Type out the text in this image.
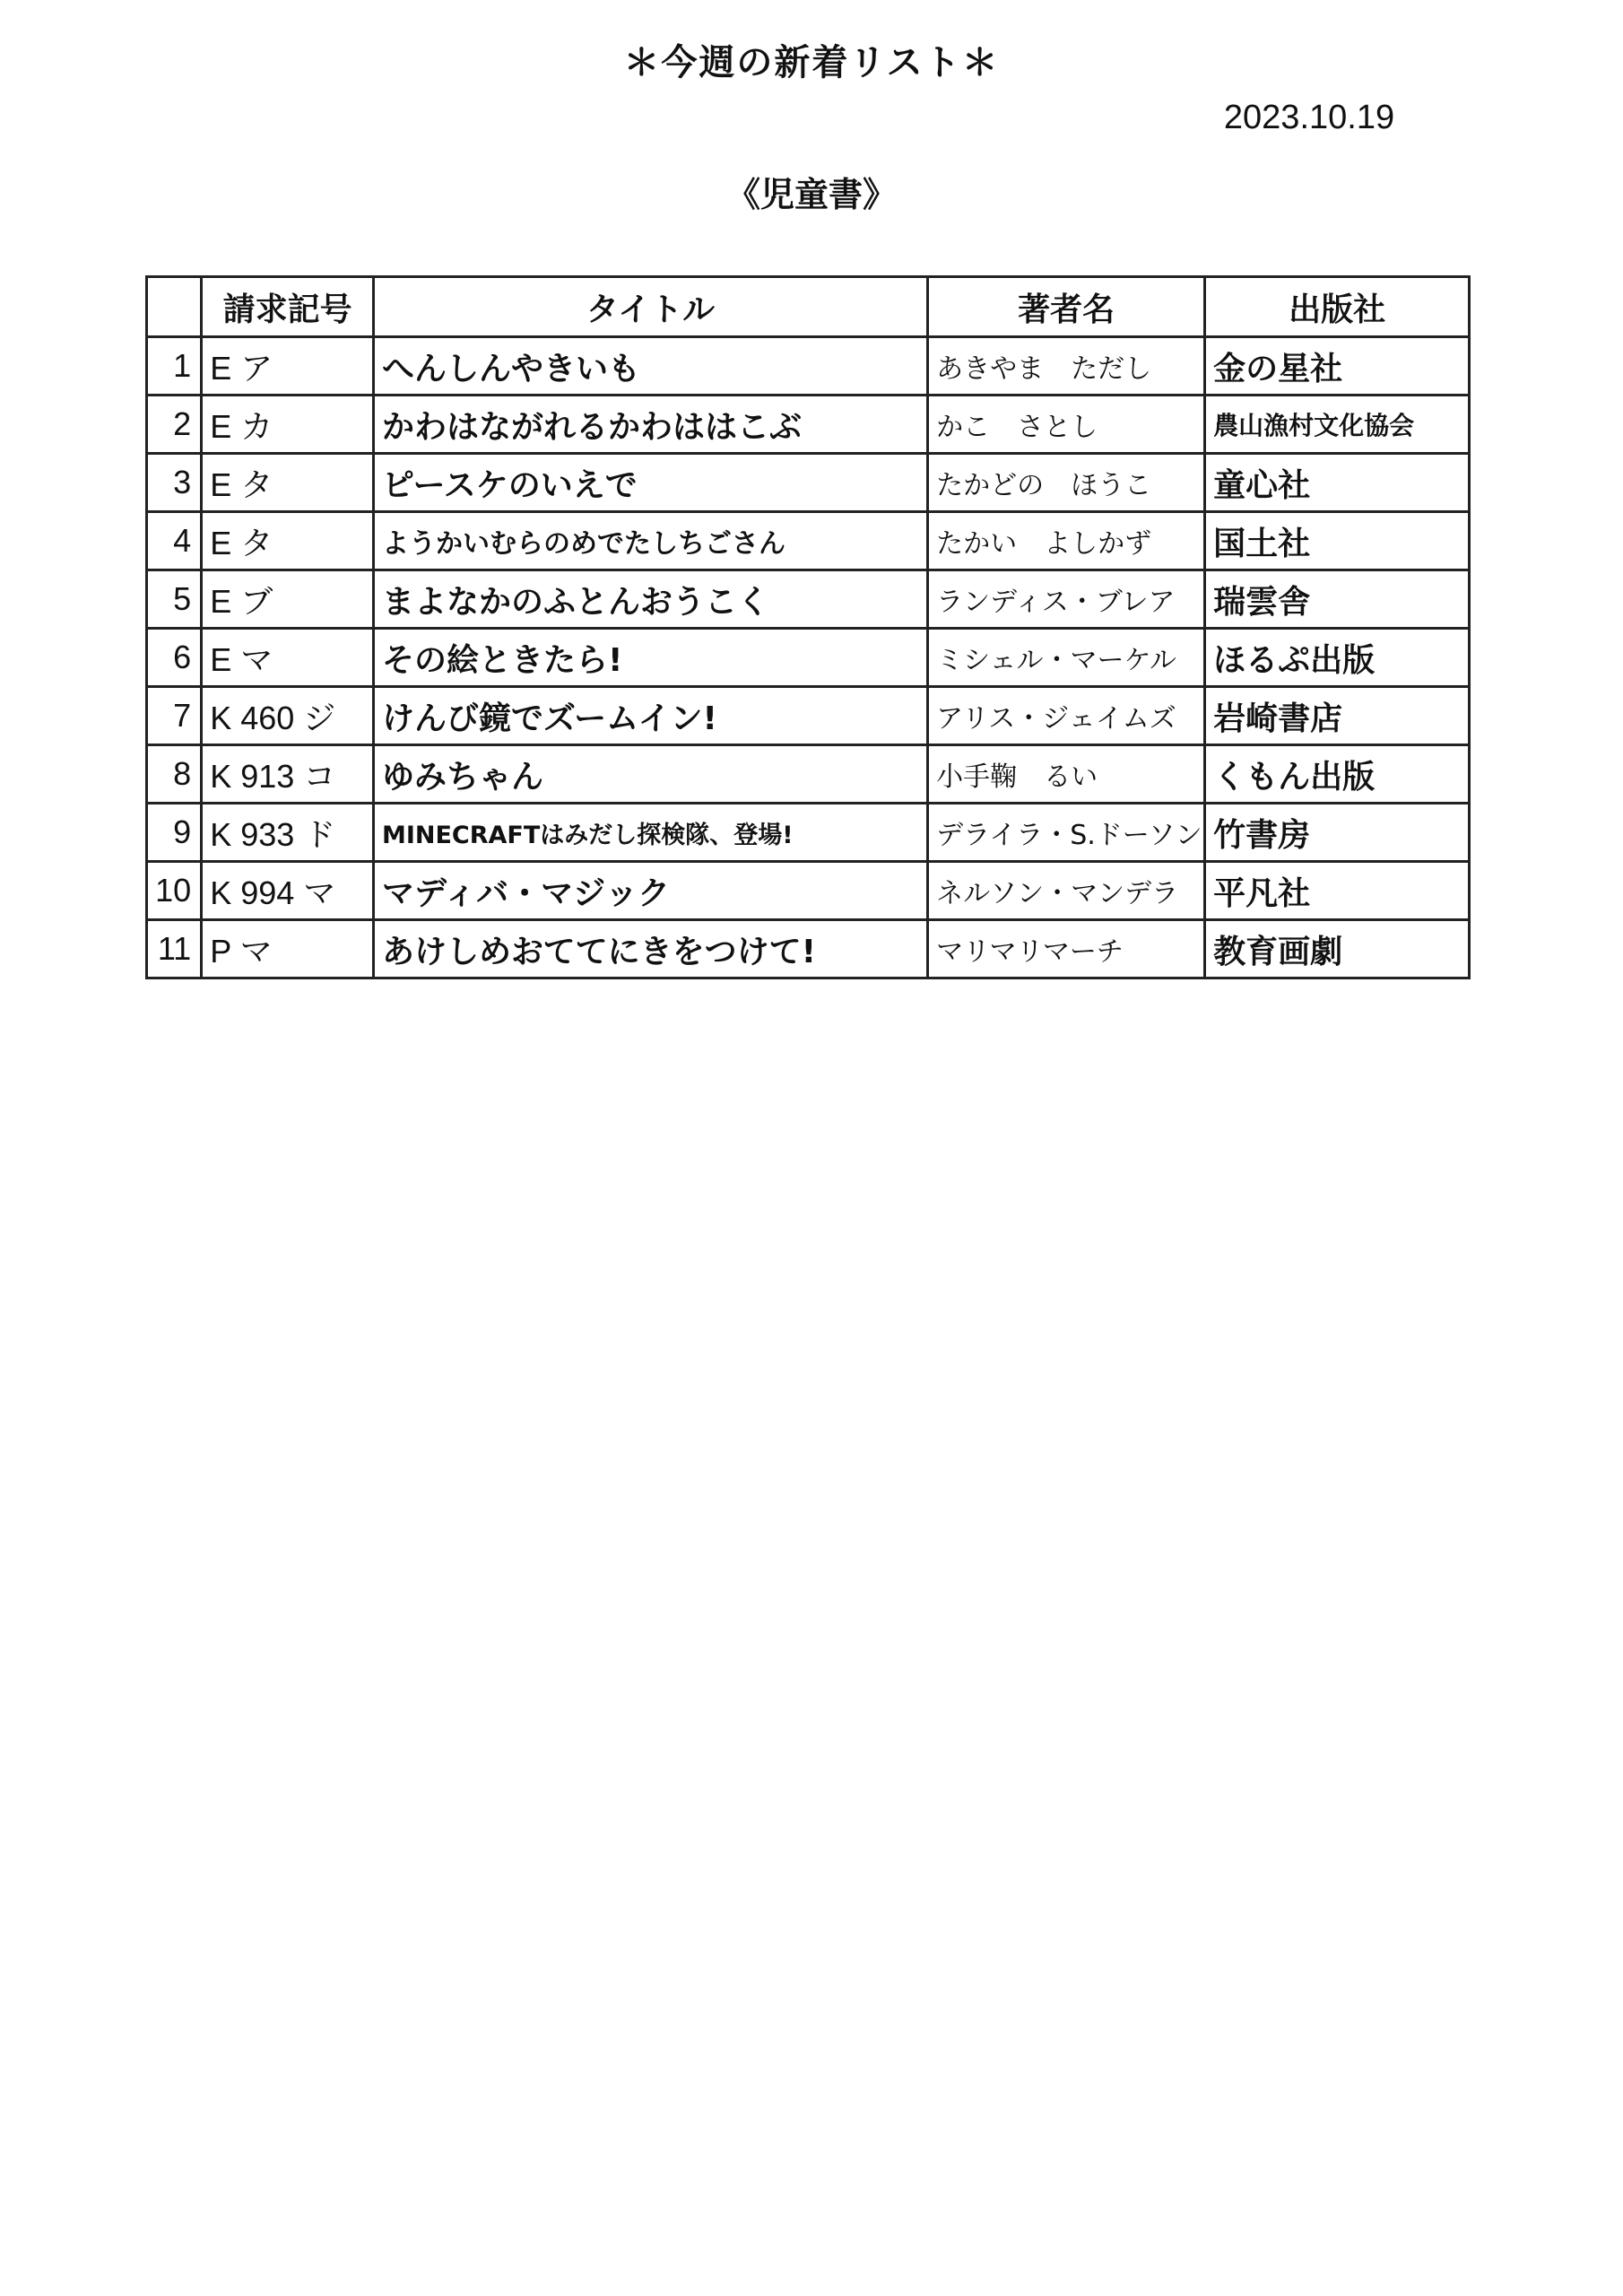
＊今週の新着リスト＊
2023.10.19
《児童書》
	請求記号	タイトル	著者名	出版社
1	E ア	へんしんやきいも	あきやま　ただし	金の星社
2	E カ	かわはながれるかわははこぶ	かこ　さとし	農山漁村文化協会
3	E タ	ピースケのいえで	たかどの　ほうこ	童心社
4	E タ	ようかいむらのめでたしちごさん	たかい　よしかず	国土社
5	E ブ	まよなかのふとんおうこく	ランディス・ブレア	瑞雲舎
6	E マ	その絵ときたら!	ミシェル・マーケル	ほるぷ出版
7	K 460 ジ	けんび鏡でズームイン!	アリス・ジェイムズ	岩崎書店
8	K 913 コ	ゆみちゃん	小手鞠　るい	くもん出版
9	K 933 ド	MINECRAFTはみだし探検隊、登場!	デライラ・S.ドーソン	竹書房
10	K 994 マ	マディバ・マジック	ネルソン・マンデラ	平凡社
11	P マ	あけしめおててにきをつけて!	マリマリマーチ	教育画劇
